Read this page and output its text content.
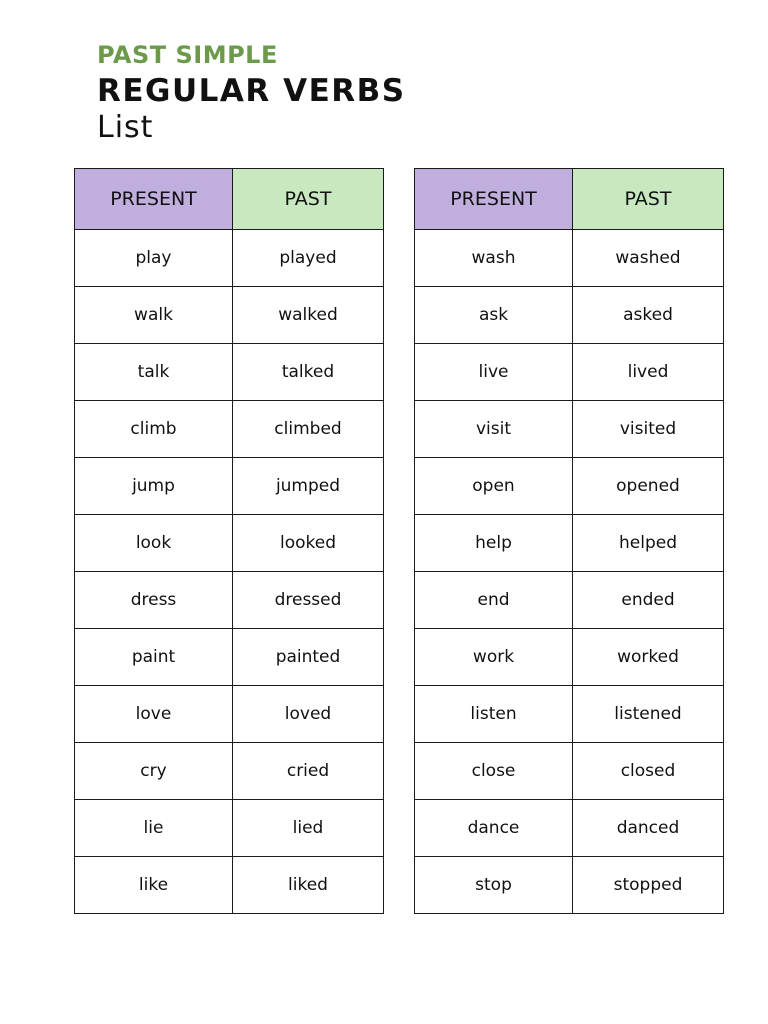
PAST SIMPLE

REGULAR VERBS

List

PRESENT	PAST
play	played
walk	walked
talk	talked
climb	climbed
jump	jumped
look	looked
dress	dressed
paint	painted
love	loved
cry	cried
lie	lied
like	liked
PRESENT	PAST
wash	washed
ask	asked
live	lived
visit	visited
open	opened
help	helped
end	ended
work	worked
listen	listened
close	closed
dance	danced
stop	stopped
